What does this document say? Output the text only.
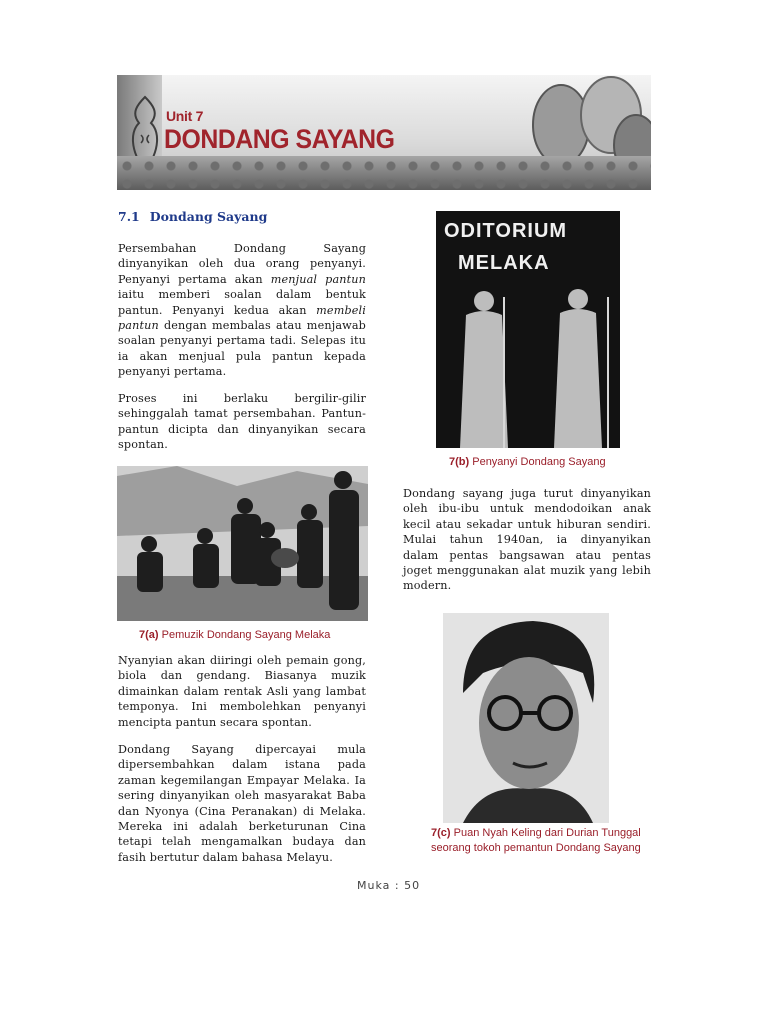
Unit 7

DONDANG SAYANG
7.1 Dondang Sayang

Persembahan Dondang Sayang dinyanyikan oleh dua orang penyanyi. Penyanyi pertama akan menjual pantun iaitu memberi soalan dalam bentuk pantun. Penyanyi kedua akan membeli pantun dengan membalas atau menjawab soalan penyanyi pertama tadi. Selepas itu ia akan menjual pula pantun kepada penyanyi pertama.

Proses ini berlaku bergilir-gilir sehinggalah tamat persembahan. Pantun-pantun dicipta dan dinyanyikan secara spontan.

7(a) Pemuzik Dondang Sayang Melaka

Nyanyian akan diiringi oleh pemain gong, biola dan gendang. Biasanya muzik dimainkan dalam rentak Asli yang lambat temponya. Ini membolehkan penyanyi mencipta pantun secara spontan.

Dondang Sayang dipercayai mula dipersembahkan dalam istana pada zaman kegemilangan Empayar Melaka. Ia sering dinyanyikan oleh masyarakat Baba dan Nyonya (Cina Peranakan) di Melaka. Mereka ini adalah berketurunan Cina tetapi telah mengamalkan budaya dan fasih bertutur dalam bahasa Melayu.

ODITORIUM
MELAKA

7(b) Penyanyi Dondang Sayang

Dondang sayang juga turut dinyanyikan oleh ibu-ibu untuk mendodoikan anak kecil atau sekadar untuk hiburan sendiri. Mulai tahun 1940an, ia dinyanyikan dalam pentas bangsawan atau pentas joget menggunakan alat muzik yang lebih modern.

7(c) Puan Nyah Keling dari Durian Tunggal
seorang tokoh pemantun Dondang Sayang

Muka : 50
